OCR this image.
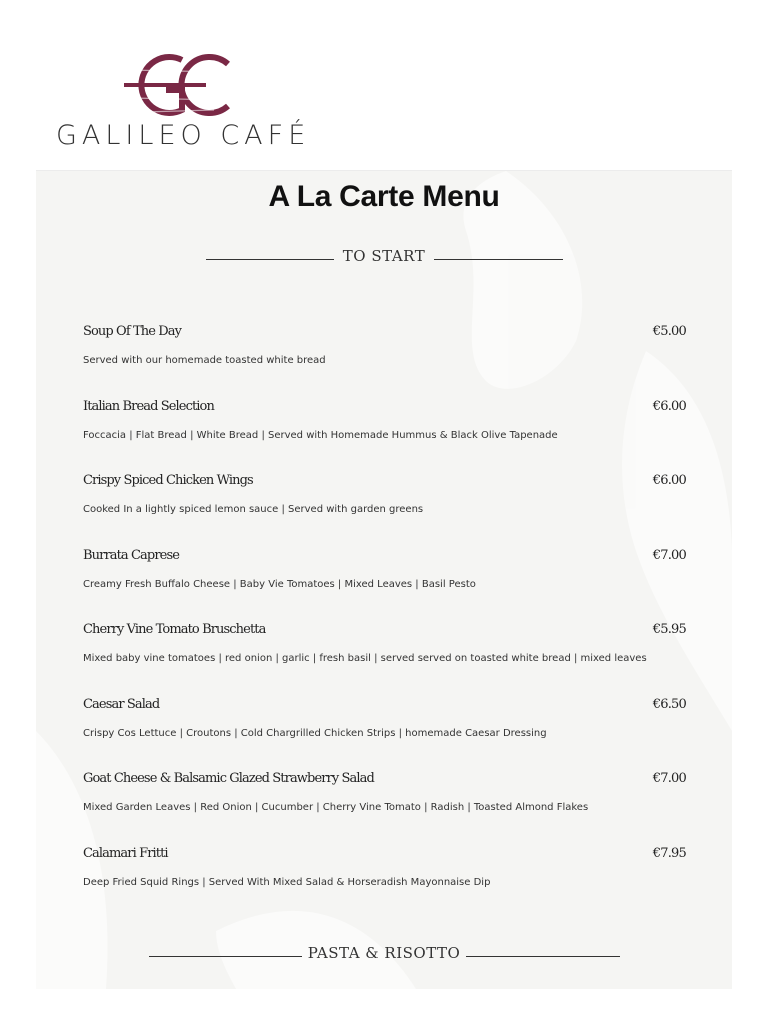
GALILEO CAFÉ
A La Carte Menu
TO START
Soup Of The Day	€5.00
Served with our homemade toasted white bread
Italian Bread Selection	€6.00
Foccacia | Flat Bread | White Bread | Served with Homemade Hummus & Black Olive Tapenade
Crispy Spiced Chicken Wings	€6.00
Cooked In a lightly spiced lemon sauce | Served with garden greens
Burrata Caprese	€7.00
Creamy Fresh Buffalo Cheese | Baby Vie Tomatoes | Mixed Leaves | Basil Pesto
Cherry Vine Tomato Bruschetta	€5.95
Mixed baby vine tomatoes | red onion | garlic | fresh basil | served served on toasted white bread | mixed leaves
Caesar Salad	€6.50
Crispy Cos Lettuce | Croutons | Cold Chargrilled Chicken Strips | homemade Caesar Dressing
Goat Cheese & Balsamic Glazed Strawberry Salad	€7.00
Mixed Garden Leaves | Red Onion | Cucumber | Cherry Vine Tomato | Radish | Toasted Almond Flakes
Calamari Fritti	€7.95
Deep Fried Squid Rings | Served With Mixed Salad & Horseradish Mayonnaise Dip
PASTA & RISOTTO
